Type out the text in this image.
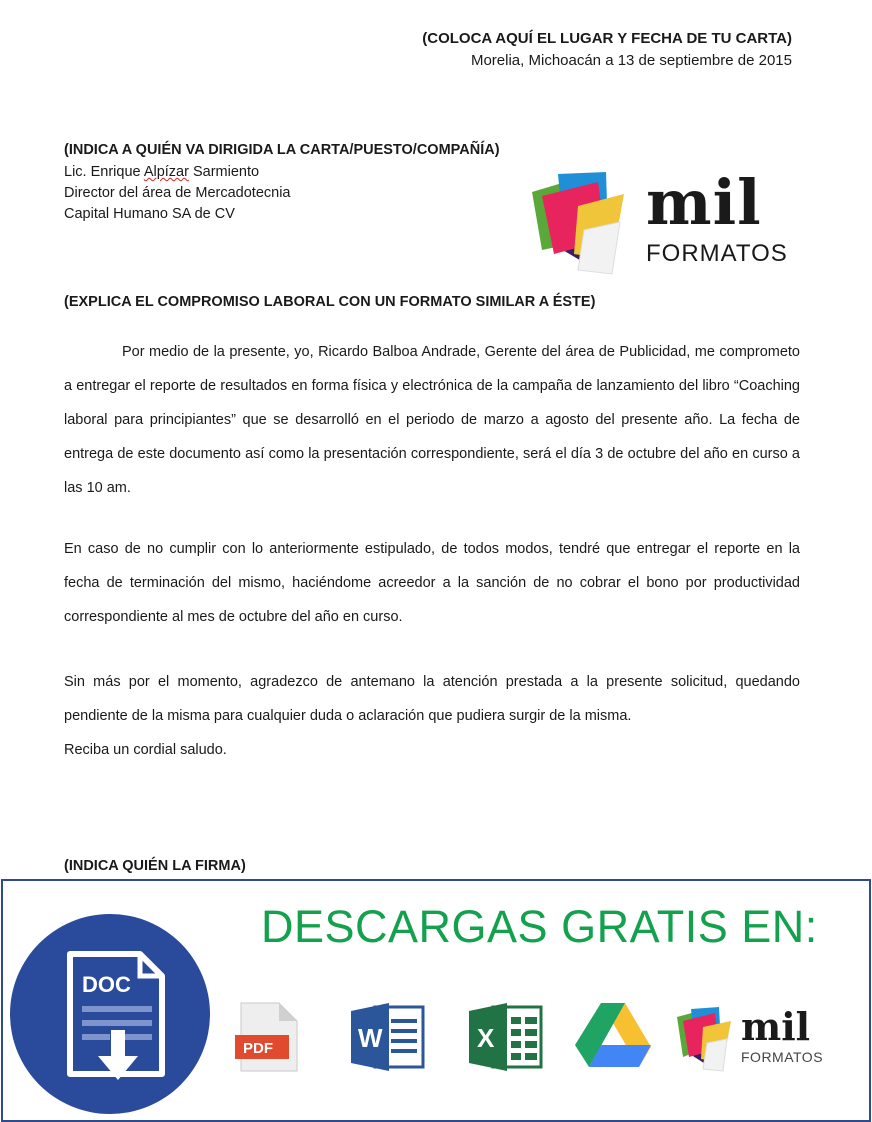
(COLOCA AQUÍ EL LUGAR Y FECHA DE TU CARTA)
Morelia, Michoacán a 13 de septiembre de 2015
(INDICA A QUIÉN VA DIRIGIDA LA CARTA/PUESTO/COMPAÑÍA)
Lic. Enrique Alpízar Sarmiento
Director del área de Mercadotecnia
Capital Humano SA de CV	mil
FORMATOS
(EXPLICA EL COMPROMISO LABORAL CON UN FORMATO SIMILAR A ÉSTE)
Por medio de la presente, yo, Ricardo Balboa Andrade, Gerente del área de Publicidad, me comprometo a entregar el reporte de resultados en forma física y electrónica de la campaña de lanzamiento del libro “Coaching laboral para principiantes” que se desarrolló en el periodo de marzo a agosto del presente año. La fecha de entrega de este documento así como la presentación correspondiente, será el día 3 de octubre del año en curso a las 10 am.
En caso de no cumplir con lo anteriormente estipulado, de todos modos, tendré que entregar el reporte en la fecha de terminación del mismo, haciéndome acreedor a la sanción de no cobrar el bono por productividad correspondiente al mes de octubre del año en curso.
Sin más por el momento, agradezco de antemano la atención prestada a la presente solicitud, quedando pendiente de la misma para cualquier duda o aclaración que pudiera surgir de la misma.
Reciba un cordial saludo.
(INDICA QUIÉN LA FIRMA)
DESCARGAS GRATIS EN:
DOC
PDF	W	X	mil
FORMATOS
